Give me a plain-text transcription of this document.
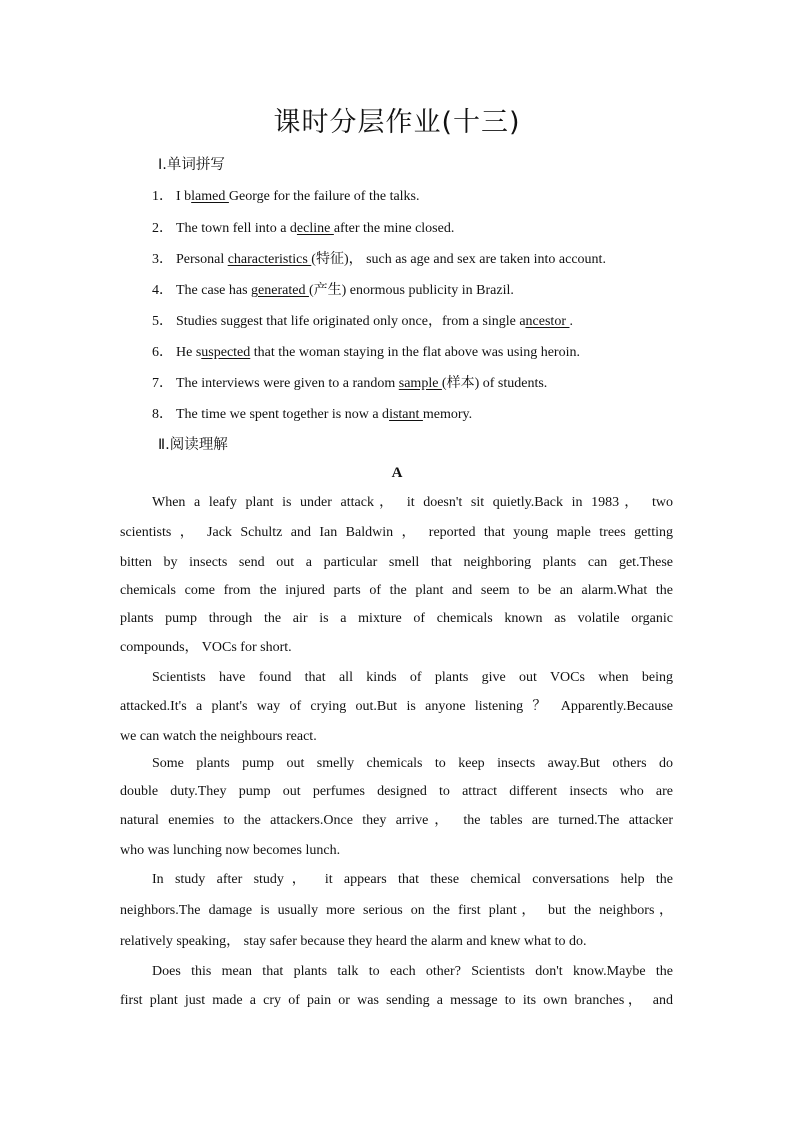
课时分层作业(十三)
Ⅰ.单词拼写
1． I blamed George for the failure of the talks.
2． The town fell into a decline after the mine closed.
3． Personal characteristics (特征)， such as age and sex are taken into account.
4． The case has generated (产生) enormous publicity in Brazil.
5． Studies suggest that life originated only once，from a single ancestor .
6． He suspected that the woman staying in the flat above was using heroin.
7． The interviews were given to a random sample (样本) of students.
8． The time we spent together is now a distant memory.
Ⅱ.阅读理解
A
When a leafy plant is under attack， it doesn't sit quietly.Back in 1983， two
scientists ， Jack Schultz and Ian Baldwin ， reported that young maple trees getting
bitten by insects send out a particular smell that neighboring plants can get.These
chemicals come from the injured parts of the plant and seem to be an alarm.What the
plants pump through the air is a mixture of chemicals known as volatile organic
compounds， VOCs for short.
Scientists have found that all kinds of plants give out VOCs when being
attacked.It's a plant's way of crying out.But is anyone listening ？ Apparently.Because
we can watch the neighbours react.
Some plants pump out smelly chemicals to keep insects away.But others do
double duty.They pump out perfumes designed to attract different insects who are
natural enemies to the attackers.Once they arrive， the tables are turned.The attacker
who was lunching now becomes lunch.
In study after study， it appears that these chemical conversations help the
neighbors.The damage is usually more serious on the first plant， but the neighbors，
relatively speaking， stay safer because they heard the alarm and knew what to do.
Does this mean that plants talk to each other? Scientists don't know.Maybe the
first plant just made a cry of pain or was sending a message to its own branches， and
